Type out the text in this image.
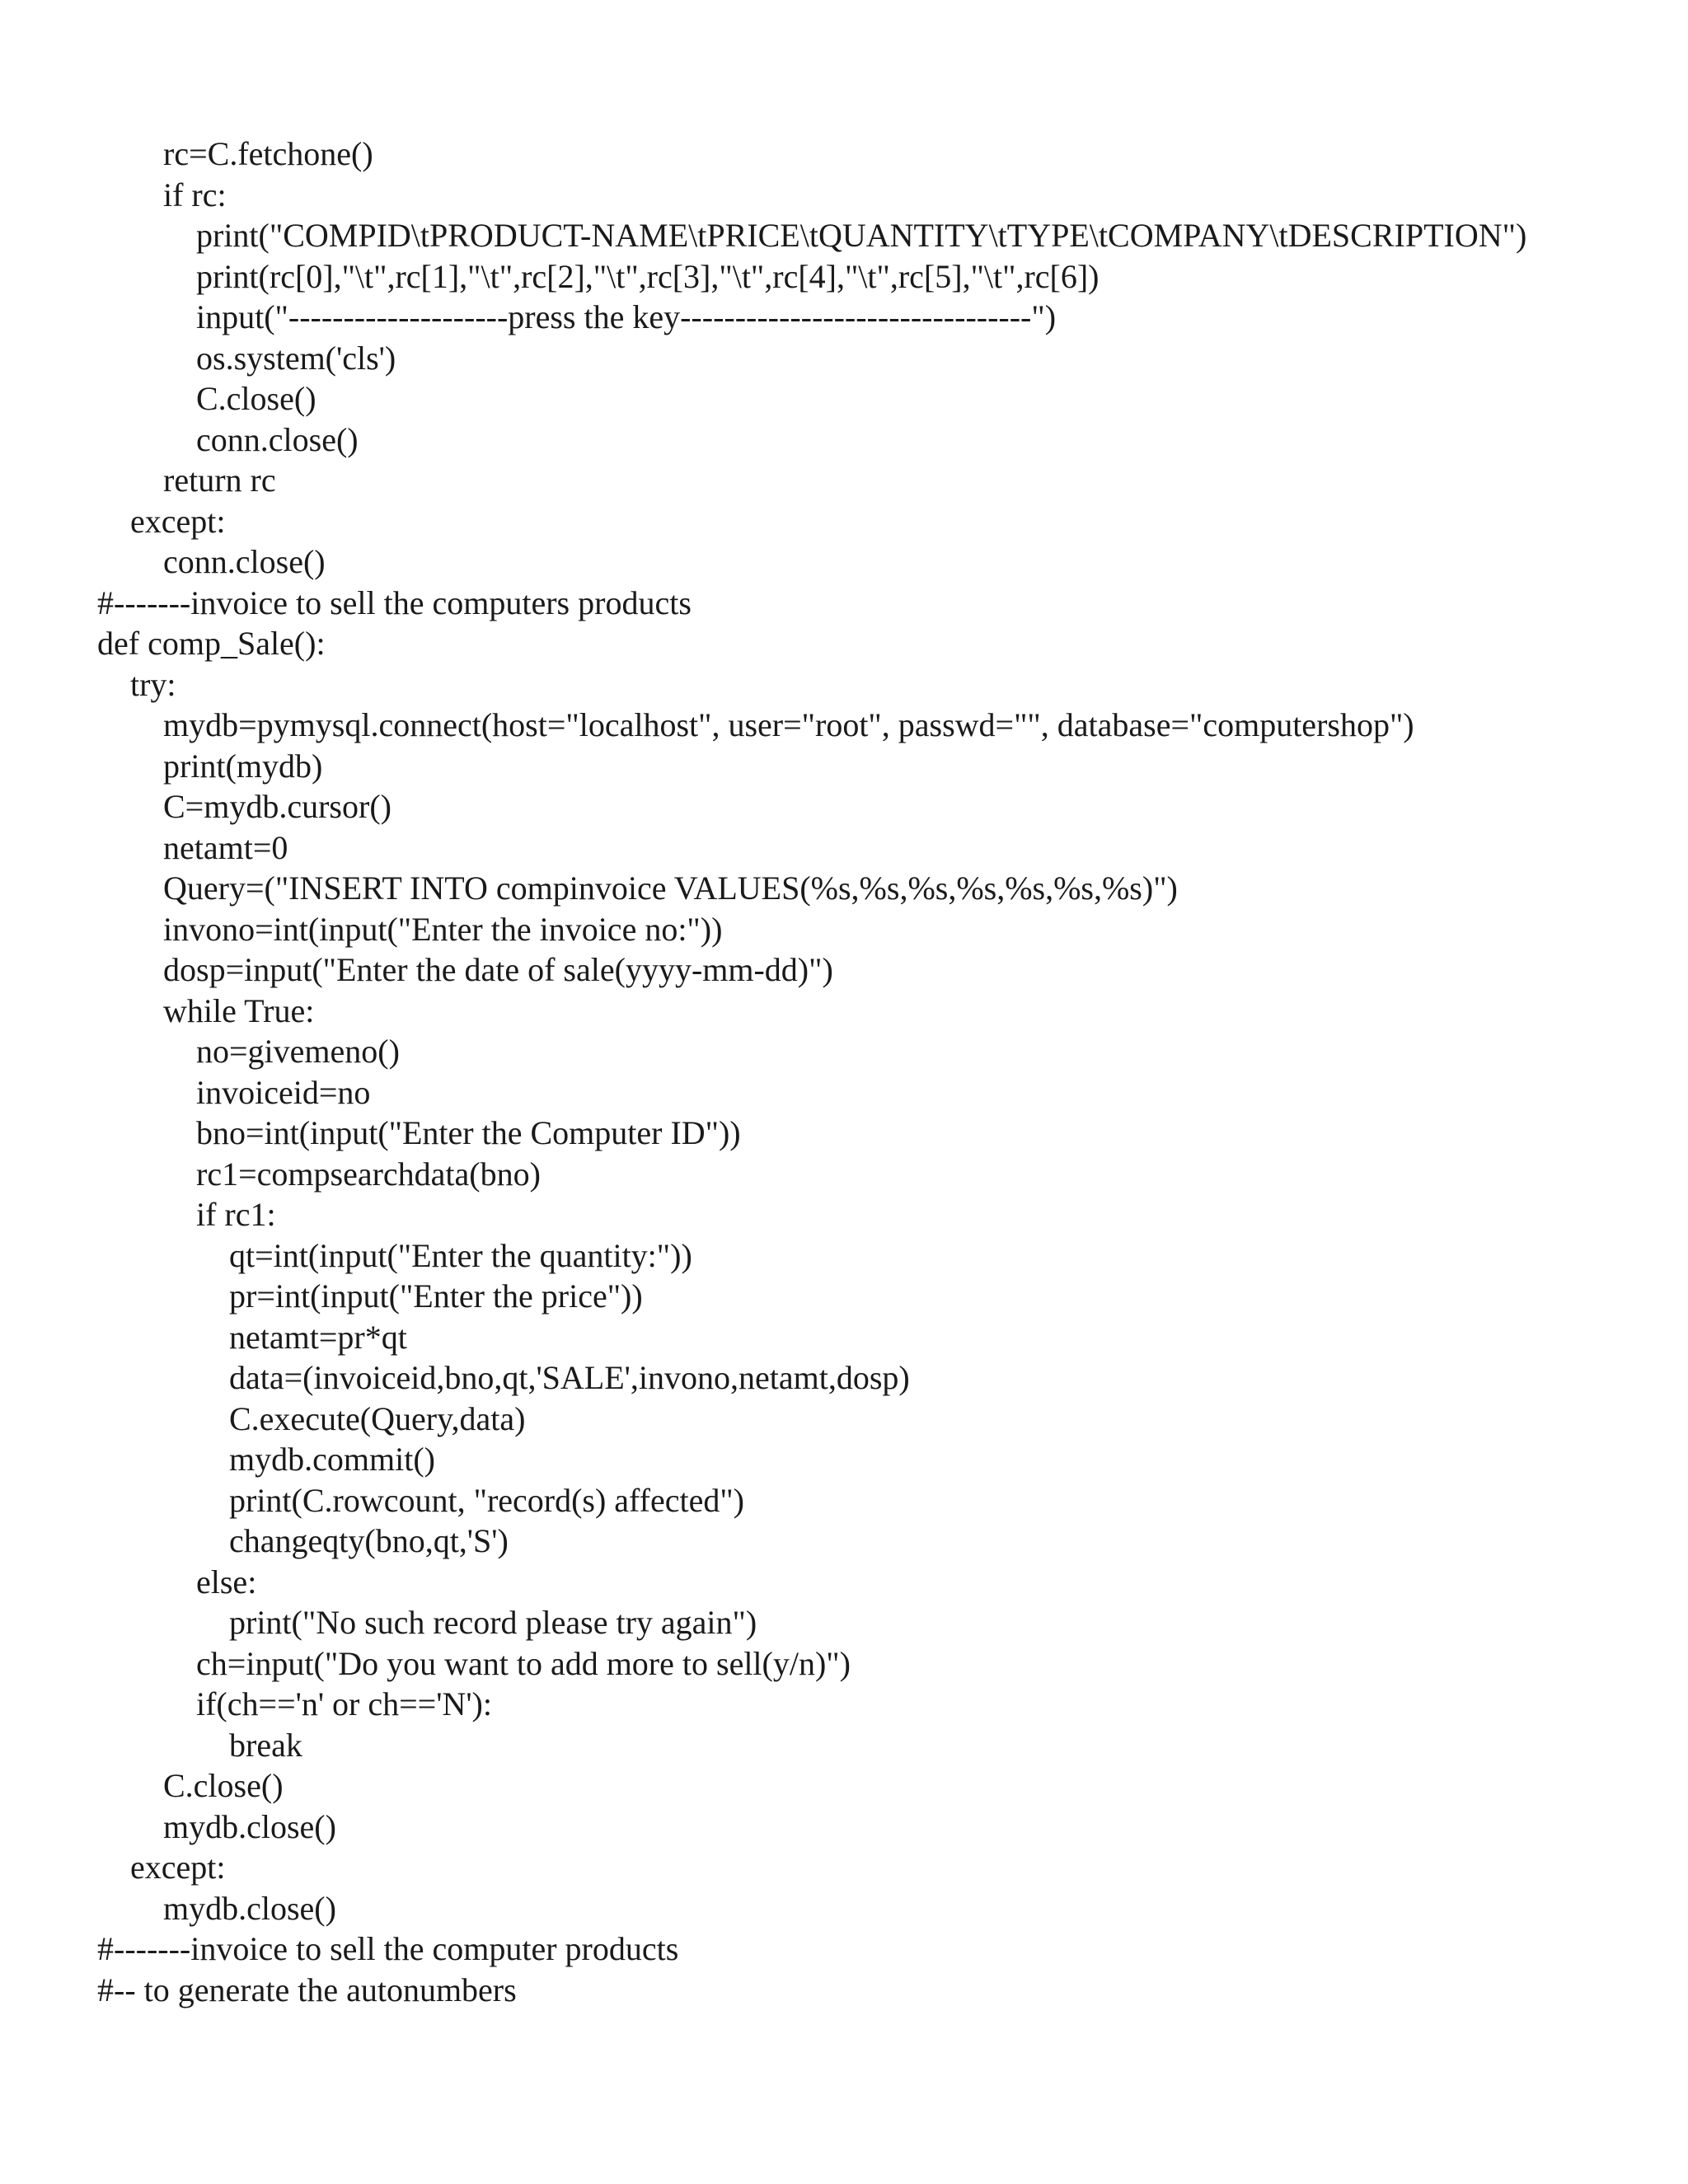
rc=C.fetchone()
if rc:
print("COMPID\tPRODUCT-NAME\tPRICE\tQUANTITY\tTYPE\tCOMPANY\tDESCRIPTION")
print(rc[0],"\t",rc[1],"\t",rc[2],"\t",rc[3],"\t",rc[4],"\t",rc[5],"\t",rc[6])
input("--------------------press the key--------------------------------")
os.system('cls')
C.close()
conn.close()
return rc
except:
conn.close()
#-------invoice to sell the computers products
def comp_Sale():
try:
mydb=pymysql.connect(host="localhost", user="root", passwd="", database="computershop")
print(mydb)
C=mydb.cursor()
netamt=0
Query=("INSERT INTO compinvoice VALUES(%s,%s,%s,%s,%s,%s,%s)")
invono=int(input("Enter the invoice no:"))
dosp=input("Enter the date of sale(yyyy-mm-dd)")
while True:
no=givemeno()
invoiceid=no
bno=int(input("Enter the Computer ID"))
rc1=compsearchdata(bno)
if rc1:
qt=int(input("Enter the quantity:"))
pr=int(input("Enter the price"))
netamt=pr*qt
data=(invoiceid,bno,qt,'SALE',invono,netamt,dosp)
C.execute(Query,data)
mydb.commit()
print(C.rowcount, "record(s) affected")
changeqty(bno,qt,'S')
else:
print("No such record please try again")
ch=input("Do you want to add more to sell(y/n)")
if(ch=='n' or ch=='N'):
break
C.close()
mydb.close()
except:
mydb.close()
#-------invoice to sell the computer products
#-- to generate the autonumbers
